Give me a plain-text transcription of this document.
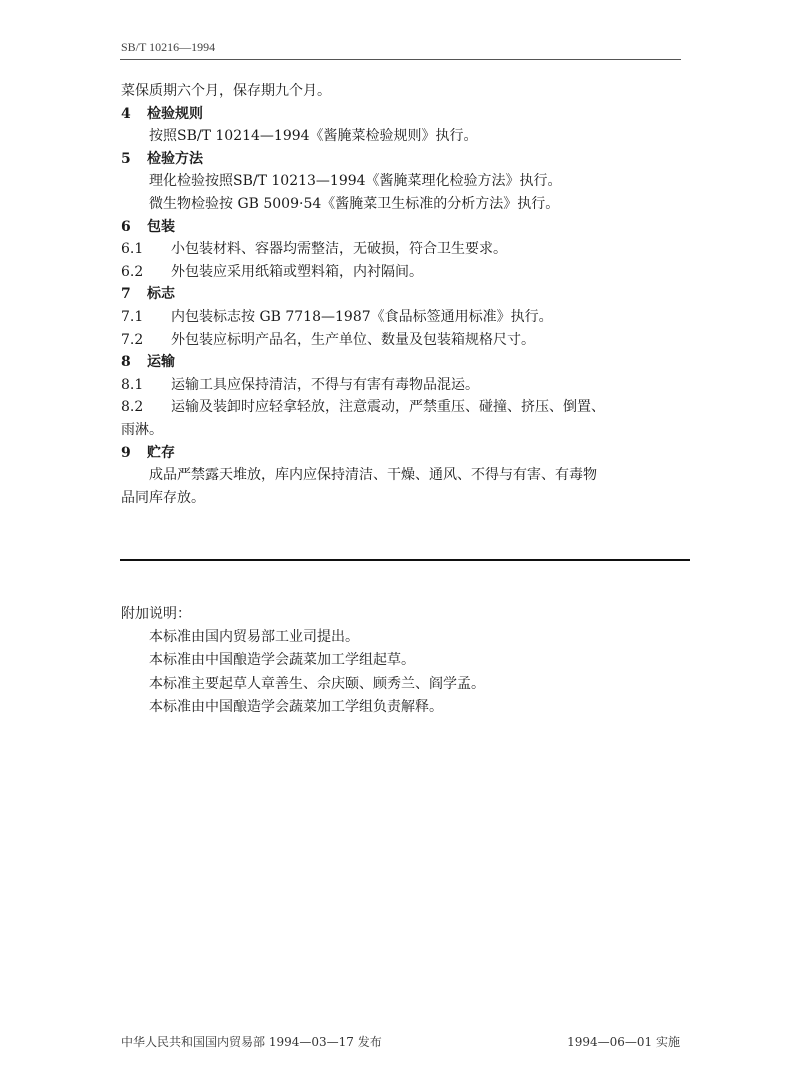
SB/T 10216—1994
菜保质期六个月，保存期九个月。
4 检验规则
按照SB/T 10214—1994《酱腌菜检验规则》执行。
5 检验方法
理化检验按照SB/T 10213—1994《酱腌菜理化检验方法》执行。
微生物检验按 GB 5009·54《酱腌菜卫生标准的分析方法》执行。
6 包装
6.1 小包装材料、容器均需整洁，无破损，符合卫生要求。
6.2 外包装应采用纸箱或塑料箱，内衬隔间。
7 标志
7.1 内包装标志按 GB 7718—1987《食品标签通用标准》执行。
7.2 外包装应标明产品名，生产单位、数量及包装箱规格尺寸。
8 运输
8.1 运输工具应保持清洁，不得与有害有毒物品混运。
8.2 运输及装卸时应轻拿轻放，注意震动，严禁重压、碰撞、挤压、倒置、
雨淋。
9 贮存
成品严禁露天堆放，库内应保持清洁、干燥、通风、不得与有害、有毒物
品同库存放。
附加说明：
本标准由国内贸易部工业司提出。
本标准由中国酿造学会蔬菜加工学组起草。
本标准主要起草人章善生、佘庆颐、顾秀兰、阎学孟。
本标准由中国酿造学会蔬菜加工学组负责解释。
中华人民共和国国内贸易部 1994—03—17 发布	1994—06—01 实施
